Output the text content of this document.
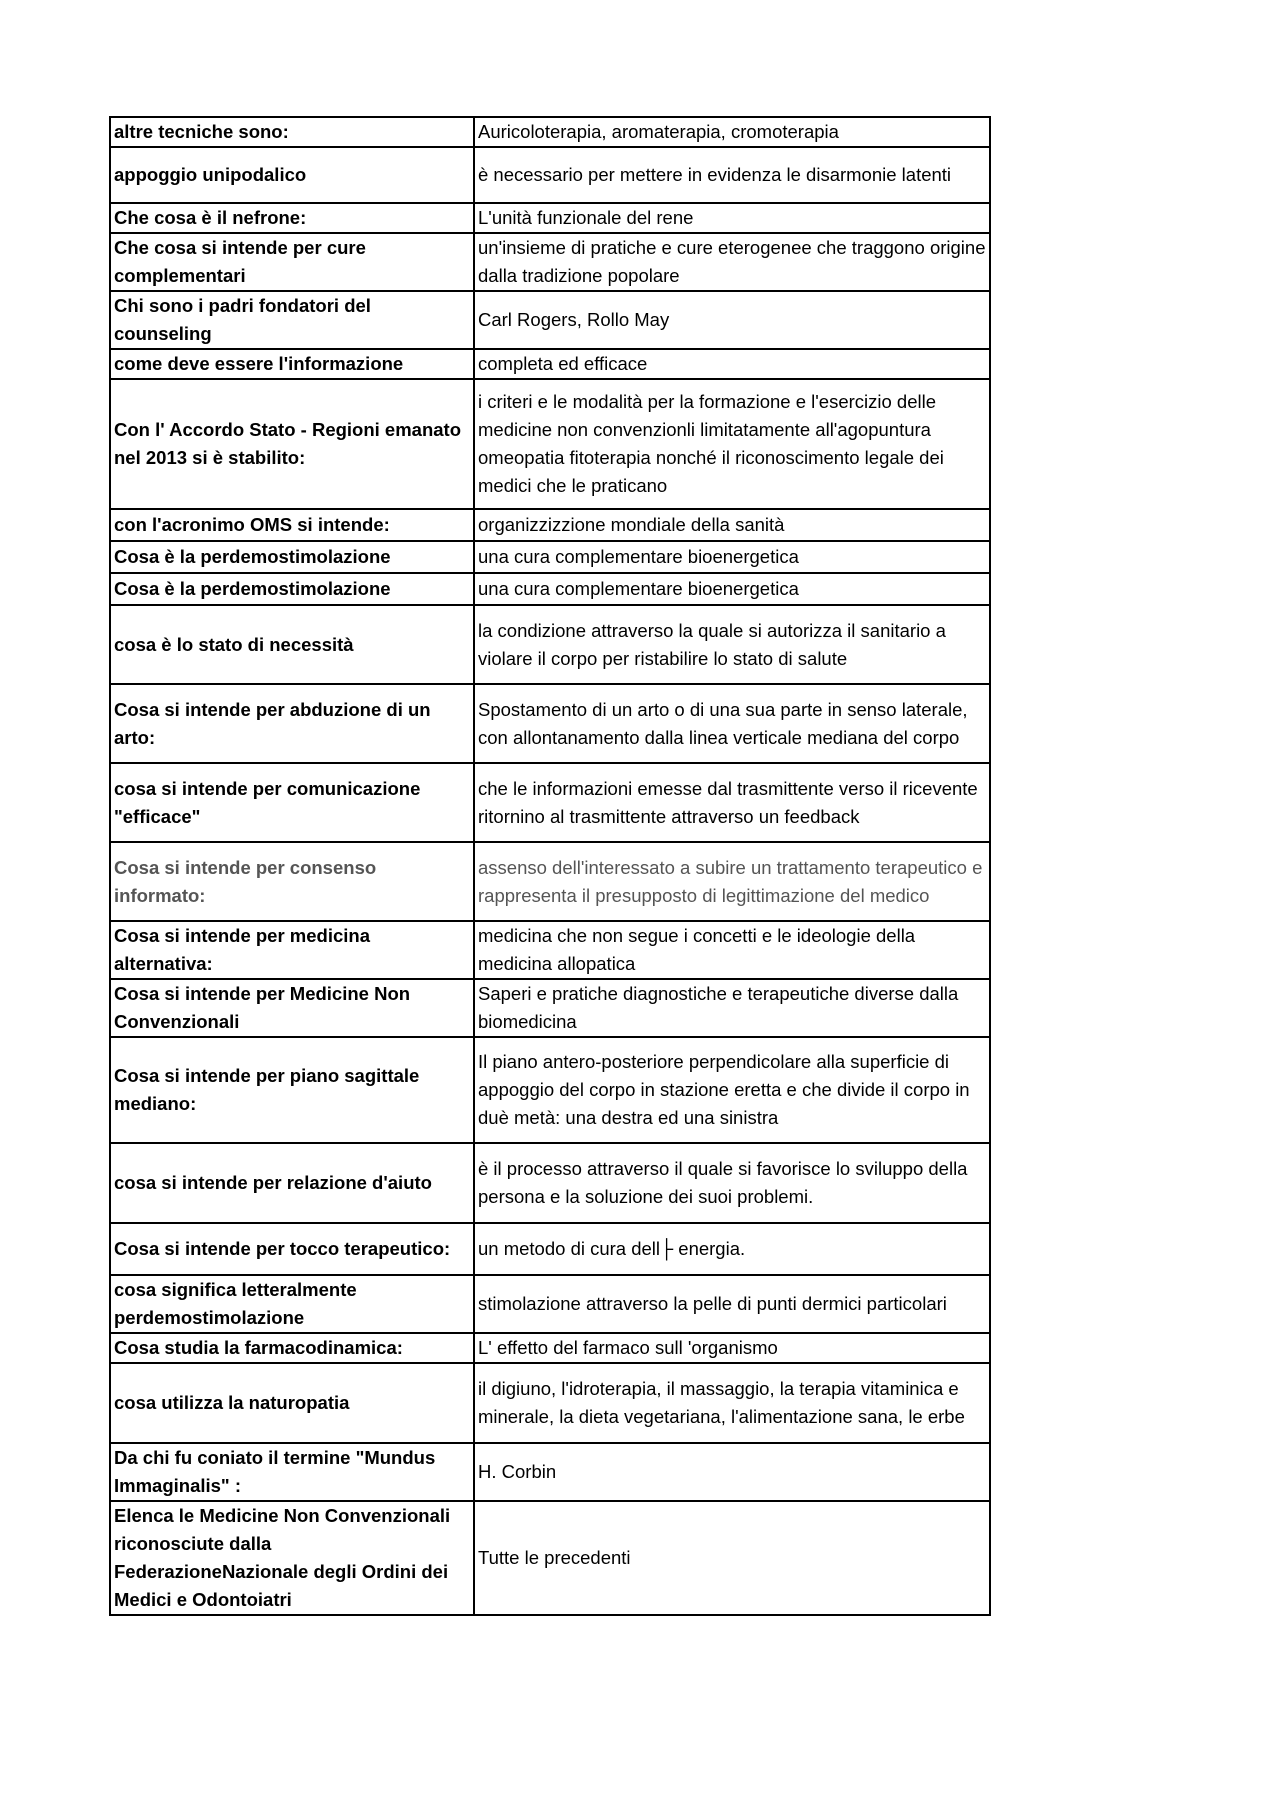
altre tecniche sono:	Auricoloterapia, aromaterapia, cromoterapia
appoggio unipodalico	è necessario per mettere in evidenza le disarmonie latenti
Che cosa è il nefrone:	L'unità funzionale del rene
Che cosa si intende per cure complementari	un'insieme di pratiche e cure eterogenee che traggono origine dalla tradizione popolare
Chi sono i padri fondatori del counseling	Carl Rogers, Rollo May
come deve essere l'informazione	completa ed efficace
Con l' Accordo Stato - Regioni emanato nel 2013 si è stabilito:	i criteri e le modalità per la formazione e l'esercizio delle medicine non convenzionli limitatamente all'agopuntura omeopatia fitoterapia nonché il riconoscimento legale dei medici che le praticano
con l'acronimo OMS si intende:	organizzizzione mondiale della sanità
Cosa è la perdemostimolazione	una cura complementare bioenergetica
Cosa è la perdemostimolazione	una cura complementare bioenergetica
cosa è lo stato di necessità	la condizione attraverso la quale si autorizza il sanitario a violare il corpo per ristabilire lo stato di salute
Cosa si intende per abduzione di un arto:	Spostamento di un arto o di una sua parte in senso laterale, con allontanamento dalla linea verticale mediana del corpo
cosa si intende per comunicazione "efficace"	che le informazioni emesse dal trasmittente verso il ricevente ritornino al trasmittente attraverso un feedback
Cosa si intende per consenso informato:	assenso dell'interessato a subire un trattamento terapeutico e rappresenta il presupposto di legittimazione del medico
Cosa si intende per medicina alternativa:	medicina che non segue i concetti e le ideologie della medicina allopatica
Cosa si intende per Medicine Non Convenzionali	Saperi e pratiche diagnostiche e terapeutiche diverse dalla biomedicina
Cosa si intende per piano sagittale mediano:	Il piano antero-posteriore perpendicolare alla superficie di appoggio del corpo in stazione eretta e che divide il corpo in duè metà: una destra ed una sinistra
cosa si intende per relazione d'aiuto	è il processo attraverso il quale si favorisce lo sviluppo della persona e la soluzione dei suoi problemi.
Cosa si intende per tocco terapeutico:	un metodo di cura dell├ energia.
cosa significa letteralmente perdemostimolazione	stimolazione attraverso la pelle di punti dermici particolari
Cosa studia la farmacodinamica:	L' effetto del farmaco sull 'organismo
cosa utilizza la naturopatia	il digiuno, l'idroterapia, il massaggio, la terapia vitaminica e minerale, la dieta vegetariana, l'alimentazione sana, le erbe
Da chi fu coniato il termine "Mundus Immaginalis" :	H. Corbin
Elenca le Medicine Non Convenzionali riconosciute dalla FederazioneNazionale degli Ordini dei Medici e Odontoiatri	Tutte le precedenti
